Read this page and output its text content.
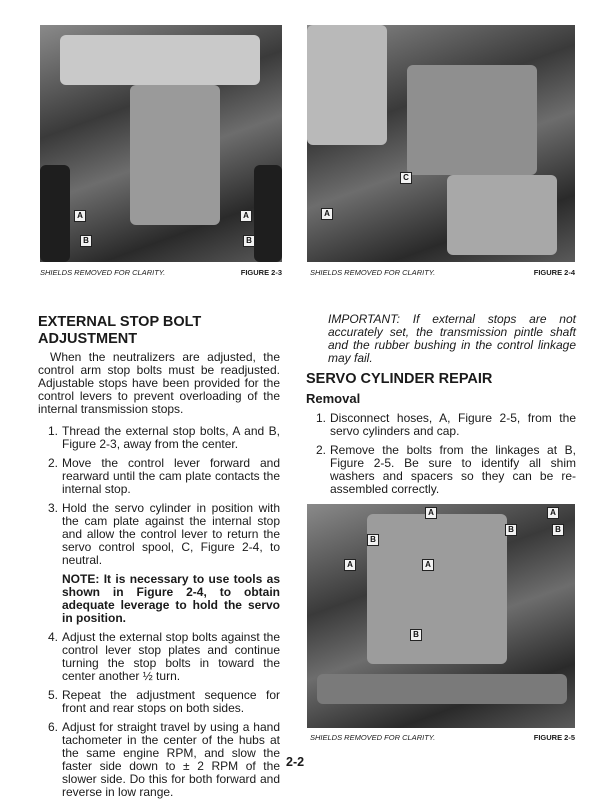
A
B
A
B
SHIELDS REMOVED FOR CLARITY.	FIGURE 2-3
C
A
SHIELDS REMOVED FOR CLARITY.	FIGURE 2-4
EXTERNAL STOP BOLT ADJUSTMENT

When the neutralizers are adjusted, the control arm stop bolts must be readjusted. Adjustable stops have been provided for the control levers to prevent overloading of the internal transmission stops.

1. Thread the external stop bolts, A and B, Figure 2-3, away from the center.
2. Move the control lever forward and rearward until the cam plate contacts the internal stop.
3. Hold the servo cylinder in position with the cam plate against the internal stop and allow the control lever to return the servo control spool, C, Figure 2-4, to neutral.

NOTE: It is necessary to use tools as shown in Figure 2-4, to obtain adequate leverage to hold the servo in position.

4. Adjust the external stop bolts against the control lever stop plates and continue turning the stop bolts in toward the center another ½ turn.
5. Repeat the adjustment sequence for front and rear stops on both sides.
6. Adjust for straight travel by using a hand tachometer in the center of the hubs at the same engine RPM, and slow the faster side down to ± 2 RPM of the slower side. Do this for both forward and reverse in low range.

IMPORTANT: If external stops are not accurately set, the transmission pintle shaft and the rubber bushing in the control linkage may fail.

SERVO CYLINDER REPAIR
Removal
1. Disconnect hoses, A, Figure 2-5, from the servo cylinders and cap.
2. Remove the bolts from the linkages at B, Figure 2-5. Be sure to identify all shim washers and spacers so they can be re-assembled correctly.
A	A
B
B	B
A	A
B
SHIELDS REMOVED FOR CLARITY.	FIGURE 2-5
2-2
